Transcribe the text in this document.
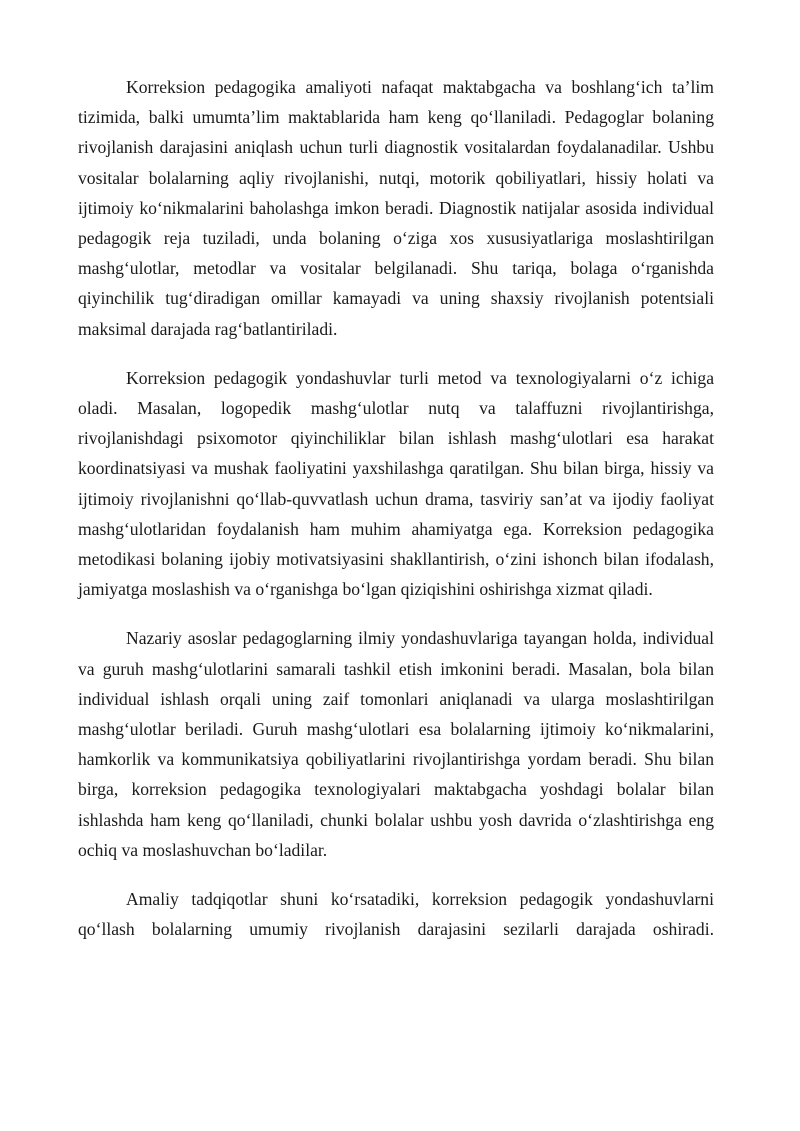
Korreksion pedagogika amaliyoti nafaqat maktabgacha va boshlang‘ich ta’lim tizimida, balki umumta’lim maktablarida ham keng qo‘llaniladi. Pedagoglar bolaning rivojlanish darajasini aniqlash uchun turli diagnostik vositalardan foydalanadilar. Ushbu vositalar bolalarning aqliy rivojlanishi, nutqi, motorik qobiliyatlari, hissiy holati va ijtimoiy ko‘nikmalarini baholashga imkon beradi. Diagnostik natijalar asosida individual pedagogik reja tuziladi, unda bolaning o‘ziga xos xususiyatlariga moslashtirilgan mashg‘ulotlar, metodlar va vositalar belgilanadi. Shu tariqa, bolaga o‘rganishda qiyinchilik tug‘diradigan omillar kamayadi va uning shaxsiy rivojlanish potentsiali maksimal darajada rag‘batlantiriladi.

Korreksion pedagogik yondashuvlar turli metod va texnologiyalarni o‘z ichiga oladi. Masalan, logopedik mashg‘ulotlar nutq va talaffuzni rivojlantirishga, rivojlanishdagi psixomotor qiyinchiliklar bilan ishlash mashg‘ulotlari esa harakat koordinatsiyasi va mushak faoliyatini yaxshilashga qaratilgan. Shu bilan birga, hissiy va ijtimoiy rivojlanishni qo‘llab-quvvatlash uchun drama, tasviriy san’at va ijodiy faoliyat mashg‘ulotlaridan foydalanish ham muhim ahamiyatga ega. Korreksion pedagogika metodikasi bolaning ijobiy motivatsiyasini shakllantirish, o‘zini ishonch bilan ifodalash, jamiyatga moslashish va o‘rganishga bo‘lgan qiziqishini oshirishga xizmat qiladi.

Nazariy asoslar pedagoglarning ilmiy yondashuvlariga tayangan holda, individual va guruh mashg‘ulotlarini samarali tashkil etish imkonini beradi. Masalan, bola bilan individual ishlash orqali uning zaif tomonlari aniqlanadi va ularga moslashtirilgan mashg‘ulotlar beriladi. Guruh mashg‘ulotlari esa bolalarning ijtimoiy ko‘nikmalarini, hamkorlik va kommunikatsiya qobiliyatlarini rivojlantirishga yordam beradi. Shu bilan birga, korreksion pedagogika texnologiyalari maktabgacha yoshdagi bolalar bilan ishlashda ham keng qo‘llaniladi, chunki bolalar ushbu yosh davrida o‘zlashtirishga eng ochiq va moslashuvchan bo‘ladilar.

Amaliy tadqiqotlar shuni ko‘rsatadiki, korreksion pedagogik yondashuvlarni qo‘llash bolalarning umumiy rivojlanish darajasini sezilarli darajada oshiradi.
